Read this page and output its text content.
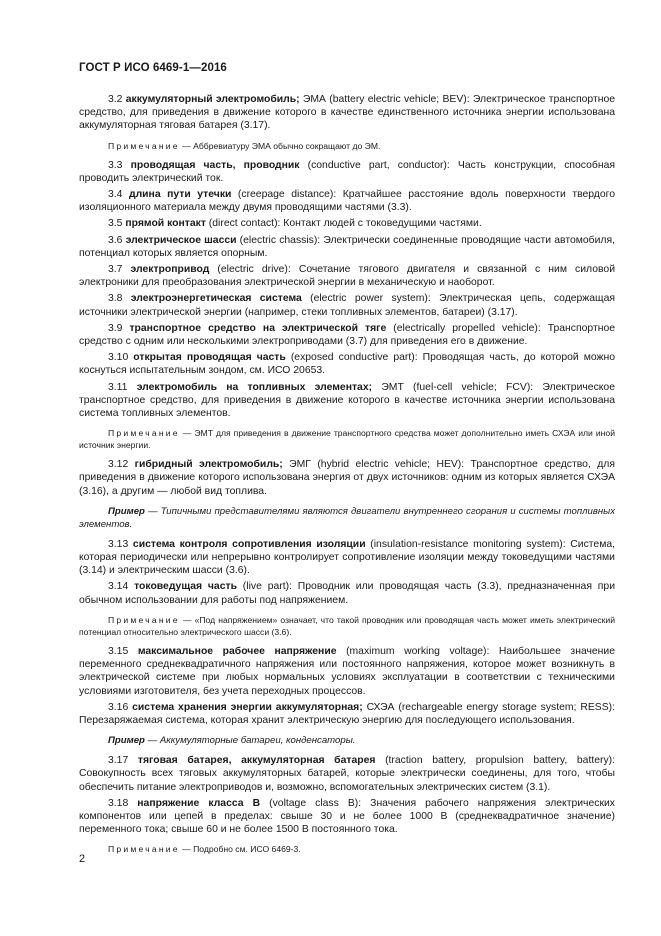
ГОСТ Р ИСО 6469-1—2016

3.2 аккумуляторный электромобиль; ЭМА (battery electric vehicle; BEV): Электрическое транспортное средство, для приведения в движение которого в качестве единственного источника энергии использована аккумуляторная тяговая батарея (3.17).

Примечание — Аббревиатуру ЭМА обычно сокращают до ЭМ.

3.3 проводящая часть, проводник (conductive part, conductor): Часть конструкции, способная проводить электрический ток.

3.4 длина пути утечки (creepage distance): Кратчайшее расстояние вдоль поверхности твердого изоляционного материала между двумя проводящими частями (3.3).

3.5 прямой контакт (direct contact): Контакт людей с токоведущими частями.

3.6 электрическое шасси (electric chassis): Электрически соединенные проводящие части автомобиля, потенциал которых является опорным.

3.7 электропривод (electric drive): Сочетание тягового двигателя и связанной с ним силовой электроники для преобразования электрической энергии в механическую и наоборот.

3.8 электроэнергетическая система (electric power system): Электрическая цепь, содержащая источники электрической энергии (например, стеки топливных элементов, батареи) (3.17).

3.9 транспортное средство на электрической тяге (electrically propelled vehicle): Транспортное средство с одним или несколькими электроприводами (3.7) для приведения его в движение.

3.10 открытая проводящая часть (exposed conductive part): Проводящая часть, до которой можно коснуться испытательным зондом, см. ИСО 20653.

3.11 электромобиль на топливных элементах; ЭМТ (fuel-cell vehicle; FCV): Электрическое транспортное средство, для приведения в движение которого в качестве источника энергии использована система топливных элементов.

Примечание — ЭМТ для приведения в движение транспортного средства может дополнительно иметь СХЭА или иной источник энергии.

3.12 гибридный электромобиль; ЭМГ (hybrid electric vehicle; HEV): Транспортное средство, для приведения в движение которого использована энергия от двух источников: одним из которых является СХЭА (3.16), а другим — любой вид топлива.

Пример — Типичными представителями являются двигатели внутреннего сгорания и системы топливных элементов.

3.13 система контроля сопротивления изоляции (insulation-resistance monitoring system): Система, которая периодически или непрерывно контролирует сопротивление изоляции между токоведущими частями (3.14) и электрическим шасси (3.6).

3.14 токоведущая часть (live part): Проводник или проводящая часть (3.3), предназначенная при обычном использовании для работы под напряжением.

Примечание — «Под напряжением» означает, что такой проводник или проводящая часть может иметь электрический потенциал относительно электрического шасси (3.6).

3.15 максимальное рабочее напряжение (maximum working voltage): Наибольшее значение переменного среднеквадратичного напряжения или постоянного напряжения, которое может возникнуть в электрической системе при любых нормальных условиях эксплуатации в соответствии с техническими условиями изготовителя, без учета переходных процессов.

3.16 система хранения энергии аккумуляторная; СХЭА (rechargeable energy storage system; RESS): Перезаряжаемая система, которая хранит электрическую энергию для последующего использования.

Пример — Аккумуляторные батареи, конденсаторы.

3.17 тяговая батарея, аккумуляторная батарея (traction battery, propulsion battery, battery): Совокупность всех тяговых аккумуляторных батарей, которые электрически соединены, для того, чтобы обеспечить питание электроприводов и, возможно, вспомогательных электрических систем (3.1).

3.18 напряжение класса В (voltage class B): Значения рабочего напряжения электрических компонентов или цепей в пределах: свыше 30 и не более 1000 В (среднеквадратичное значение) переменного тока; свыше 60 и не более 1500 В постоянного тока.

Примечание — Подробно см. ИСО 6469-3.

2
